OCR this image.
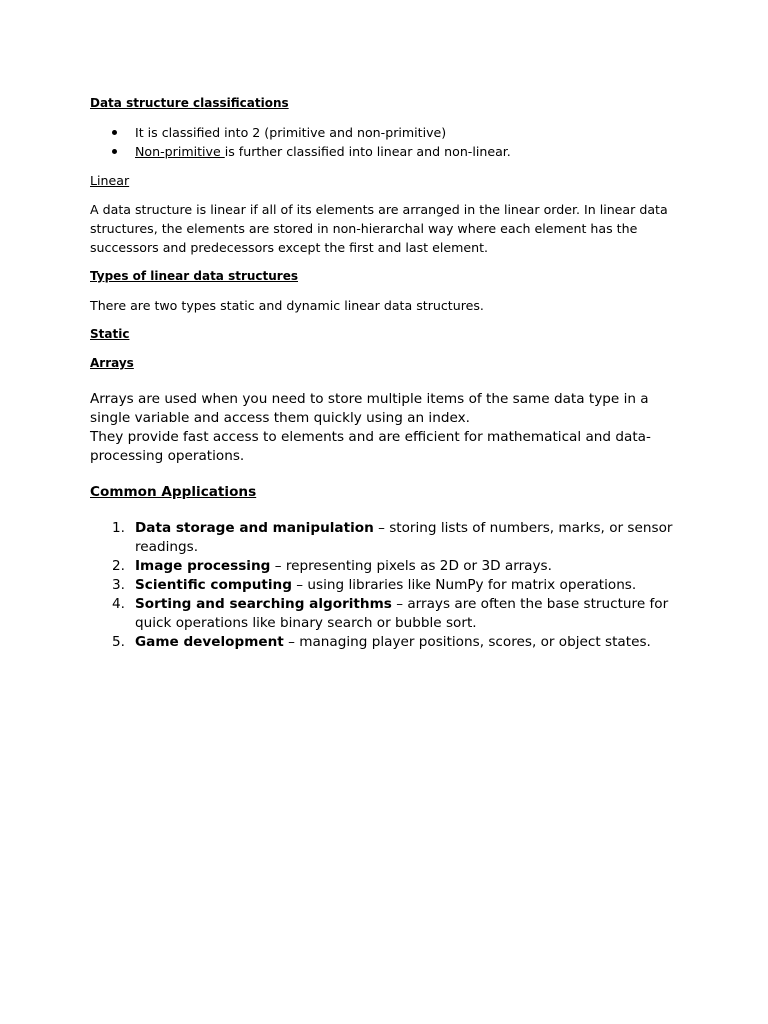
Data structure classifications

It is classified into 2 (primitive and non-primitive)
Non-primitive is further classified into linear and non-linear.

Linear

A data structure is linear if all of its elements are arranged in the linear order. In linear data structures, the elements are stored in non-hierarchal way where each element has the successors and predecessors except the first and last element.

Types of linear data structures

There are two types static and dynamic linear data structures.

Static

Arrays

Arrays are used when you need to store multiple items of the same data type in a single variable and access them quickly using an index.

They provide fast access to elements and are efficient for mathematical and data-processing operations.

Common Applications

1. Data storage and manipulation – storing lists of numbers, marks, or sensor readings.
2. Image processing – representing pixels as 2D or 3D arrays.
3. Scientific computing – using libraries like NumPy for matrix operations.
4. Sorting and searching algorithms – arrays are often the base structure for quick operations like binary search or bubble sort.
5. Game development – managing player positions, scores, or object states.
